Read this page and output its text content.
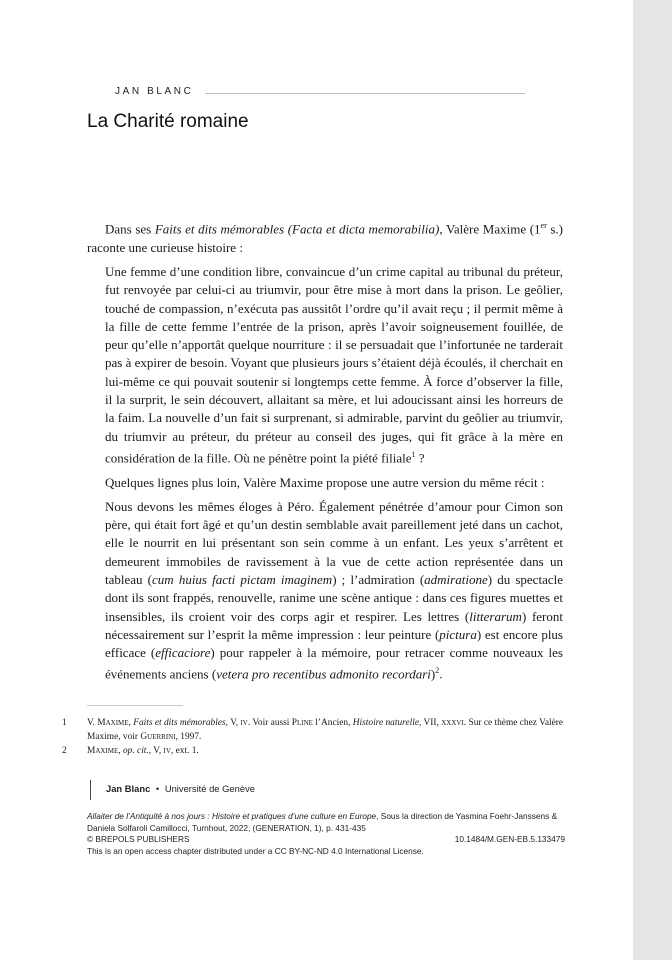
JAN BLANC
La Charité romaine

Dans ses Faits et dits mémorables (Facta et dicta memorabilia), Valère Maxime (1er s.) raconte une curieuse histoire :

Une femme d’une condition libre, convaincue d’un crime capital au tribunal du préteur, fut renvoyée par celui-ci au triumvir, pour être mise à mort dans la prison. Le geôlier, touché de compassion, n’exécuta pas aussitôt l’ordre qu’il avait reçu ; il permit même à la fille de cette femme l’entrée de la prison, après l’avoir soigneusement fouillée, de peur qu’elle n’apportât quelque nourriture : il se persuadait que l’infortunée ne tarderait pas à expirer de besoin. Voyant que plusieurs jours s’étaient déjà écoulés, il cherchait en lui-même ce qui pouvait soutenir si longtemps cette femme. À force d’observer la fille, il la surprit, le sein découvert, allaitant sa mère, et lui adoucissant ainsi les horreurs de la faim. La nouvelle d’un fait si surprenant, si admirable, parvint du geôlier au triumvir, du triumvir au préteur, du préteur au conseil des juges, qui fit grâce à la mère en considération de la fille. Où ne pénètre point la piété filiale$^1$ ?

Quelques lignes plus loin, Valère Maxime propose une autre version du même récit :

Nous devons les mêmes éloges à Péro. Également pénétrée d’amour pour Cimon son père, qui était fort âgé et qu’un destin semblable avait pareillement jeté dans un cachot, elle le nourrit en lui présentant son sein comme à un enfant. Les yeux s’arrêtent et demeurent immobiles de ravissement à la vue de cette action représentée dans un tableau (cum huius facti pictam imaginem) ; l’admiration (admiratione) du spectacle dont ils sont frappés, renouvelle, ranime une scène antique : dans ces figures muettes et insensibles, ils croient voir des corps agir et respirer. Les lettres (litterarum) feront nécessairement sur l’esprit la même impression : leur peinture (pictura) est encore plus efficace (efficaciore) pour rappeler à la mémoire, pour retracer comme nouveaux les événements anciens (vetera pro recentibus admonito recordari)$^2$.

1	V. Maxime, Faits et dits mémorables, V, iv. Voir aussi Pline l’Ancien, Histoire naturelle, VII, xxxvi. Sur ce thème chez Valère Maxime, voir Guerrini, 1997.
2	Maxime, op. cit., V, iv, ext. 1.
Jan Blanc • Université de Genève
Allaiter de l’Antiquité à nos jours : Histoire et pratiques d’une culture en Europe, Sous la direction de Yasmina Foehr-Janssens & Daniela Solfaroli Camillocci, Turnhout, 2022, (GENERATION, 1), p. 431-435
© BREPOLS PUBLISHERS	10.1484/M.GEN-EB.5.133479
This is an open access chapter distributed under a CC BY-NC-ND 4.0 International License.
